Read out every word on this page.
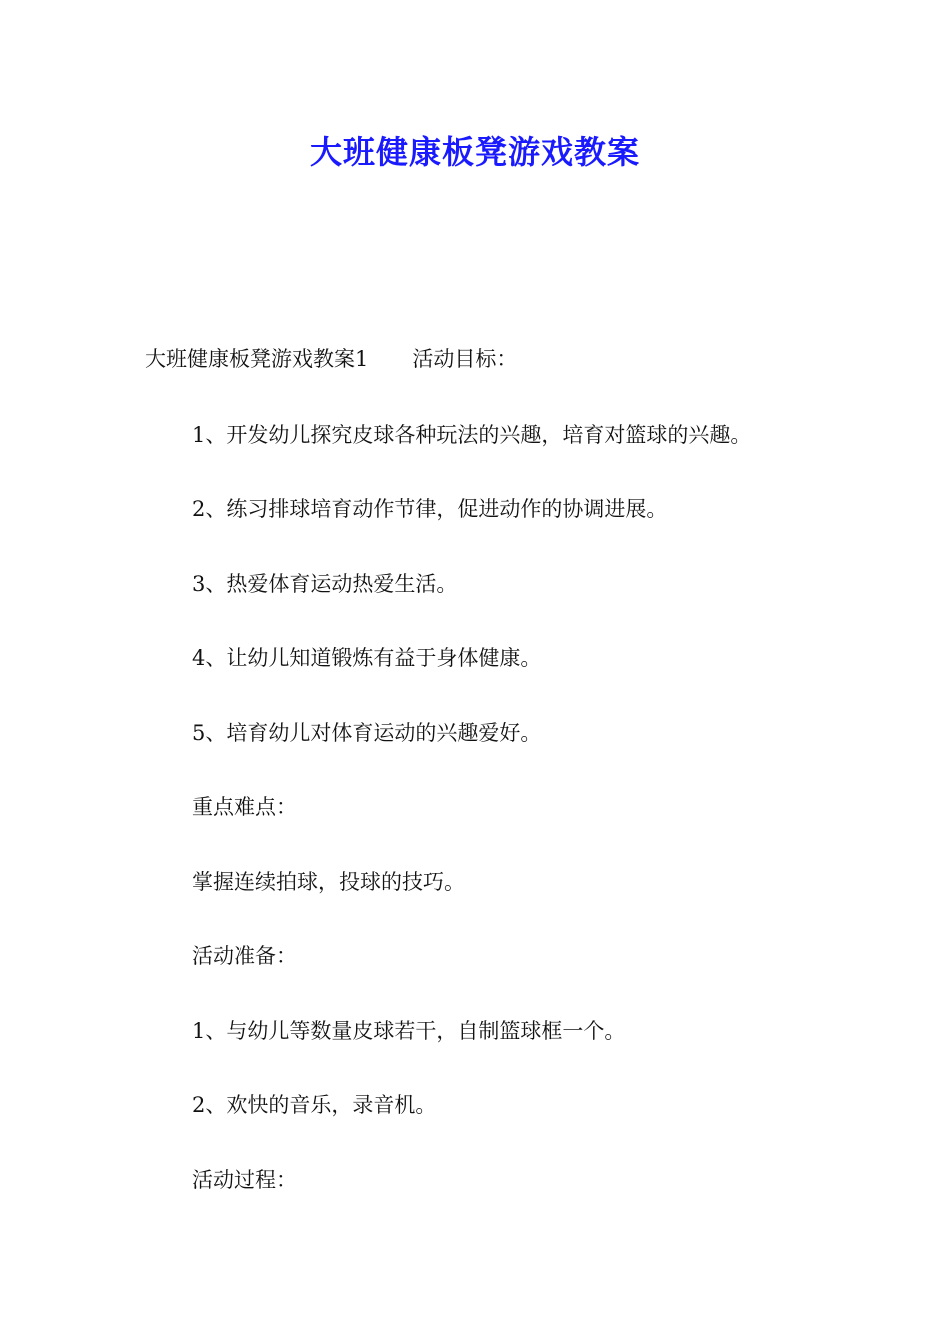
大班健康板凳游戏教案
大班健康板凳游戏教案1 活动目标：
1、开发幼儿探究皮球各种玩法的兴趣，培育对篮球的兴趣。
2、练习排球培育动作节律，促进动作的协调进展。
3、热爱体育运动热爱生活。
4、让幼儿知道锻炼有益于身体健康。
5、培育幼儿对体育运动的兴趣爱好。
重点难点：
掌握连续拍球，投球的技巧。
活动准备：
1、与幼儿等数量皮球若干，自制篮球框一个。
2、欢快的音乐，录音机。
活动过程：
